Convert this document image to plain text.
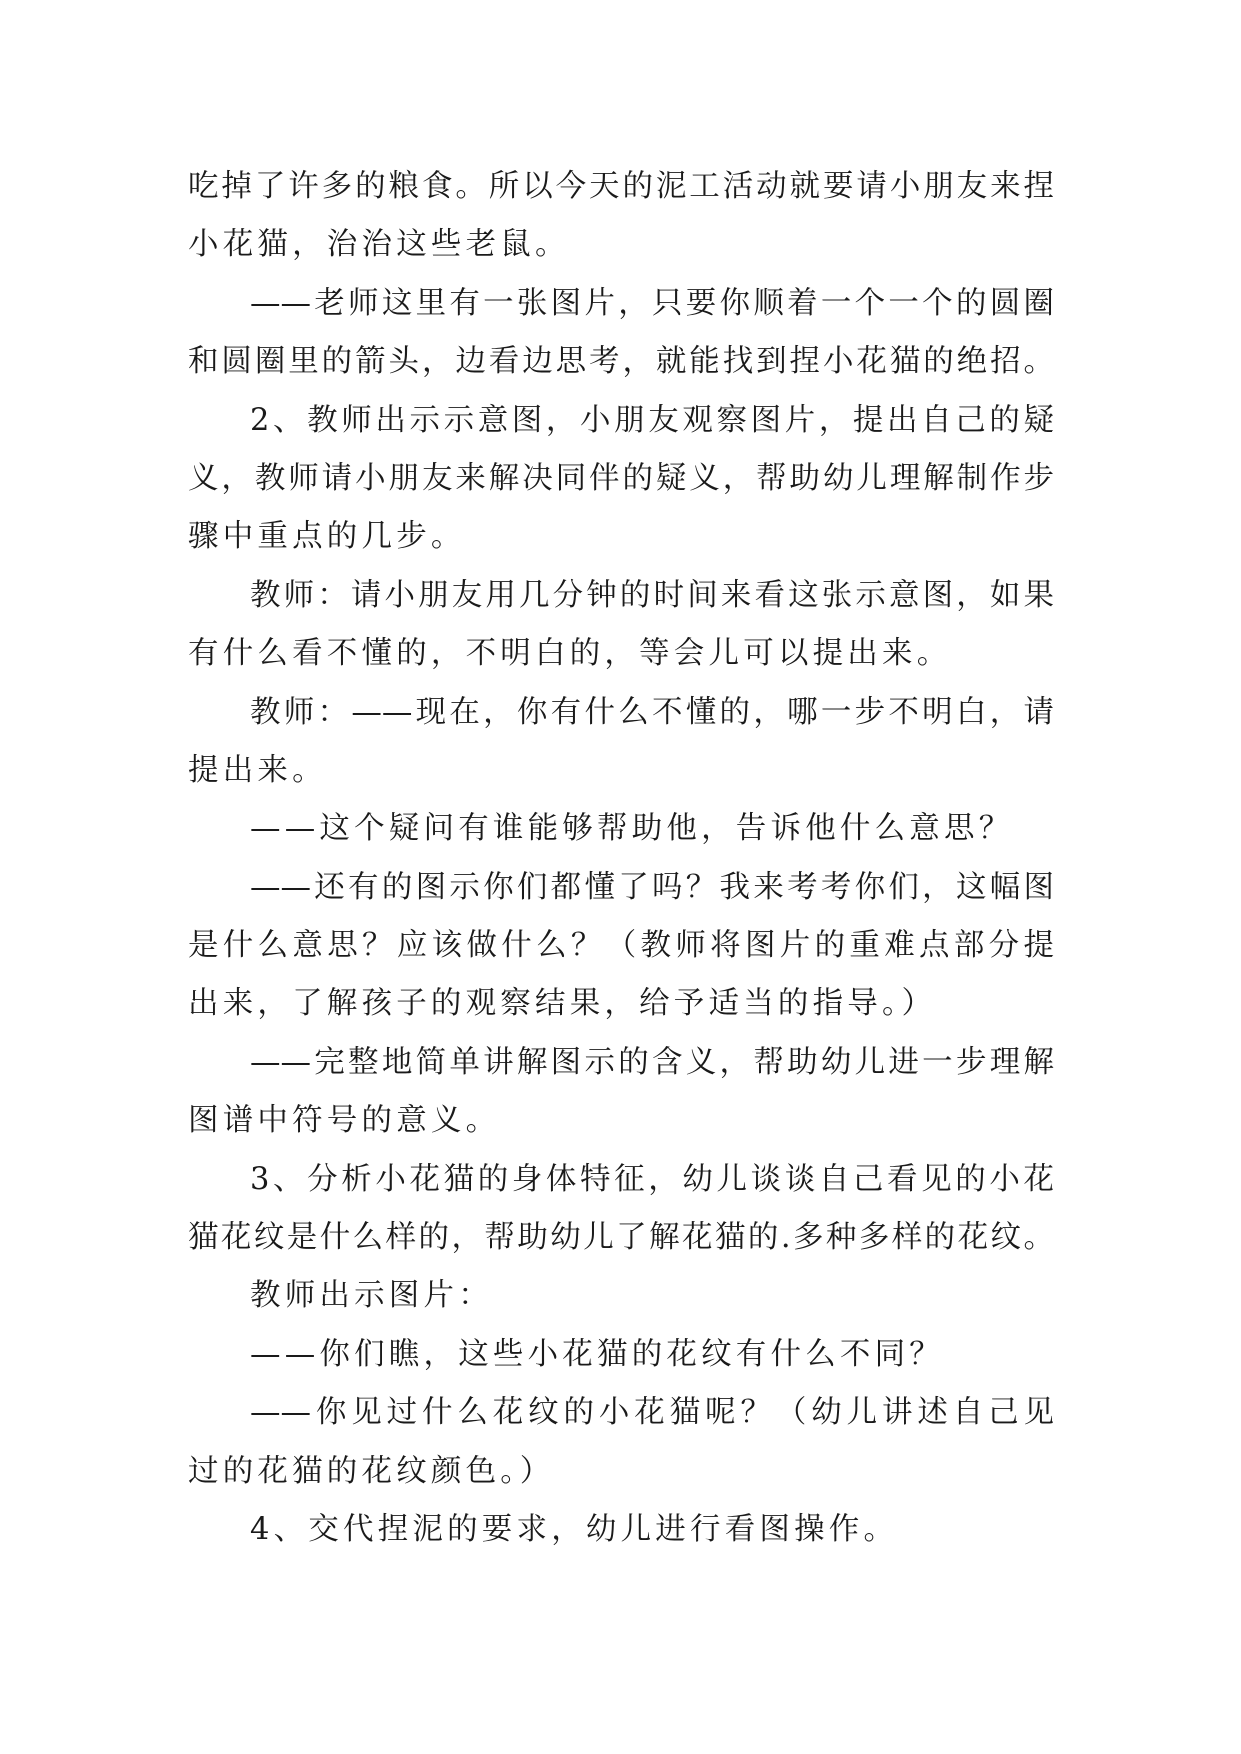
吃掉了许多的粮食。所以今天的泥工活动就要请小朋友来捏
小花猫，治治这些老鼠。
——老师这里有一张图片，只要你顺着一个一个的圆圈
和圆圈里的箭头，边看边思考，就能找到捏小花猫的绝招。
2、教师出示示意图，小朋友观察图片，提出自己的疑
义，教师请小朋友来解决同伴的疑义，帮助幼儿理解制作步
骤中重点的几步。
教师：请小朋友用几分钟的时间来看这张示意图，如果
有什么看不懂的，不明白的，等会儿可以提出来。
教师：——现在，你有什么不懂的，哪一步不明白，请
提出来。
——这个疑问有谁能够帮助他，告诉他什么意思？
——还有的图示你们都懂了吗？我来考考你们，这幅图
是什么意思？应该做什么？（教师将图片的重难点部分提
出来，了解孩子的观察结果，给予适当的指导。）
——完整地简单讲解图示的含义，帮助幼儿进一步理解
图谱中符号的意义。
3、分析小花猫的身体特征，幼儿谈谈自己看见的小花
猫花纹是什么样的，帮助幼儿了解花猫的.多种多样的花纹。
教师出示图片：
——你们瞧，这些小花猫的花纹有什么不同？
——你见过什么花纹的小花猫呢？（幼儿讲述自己见
过的花猫的花纹颜色。）
4、交代捏泥的要求，幼儿进行看图操作。
